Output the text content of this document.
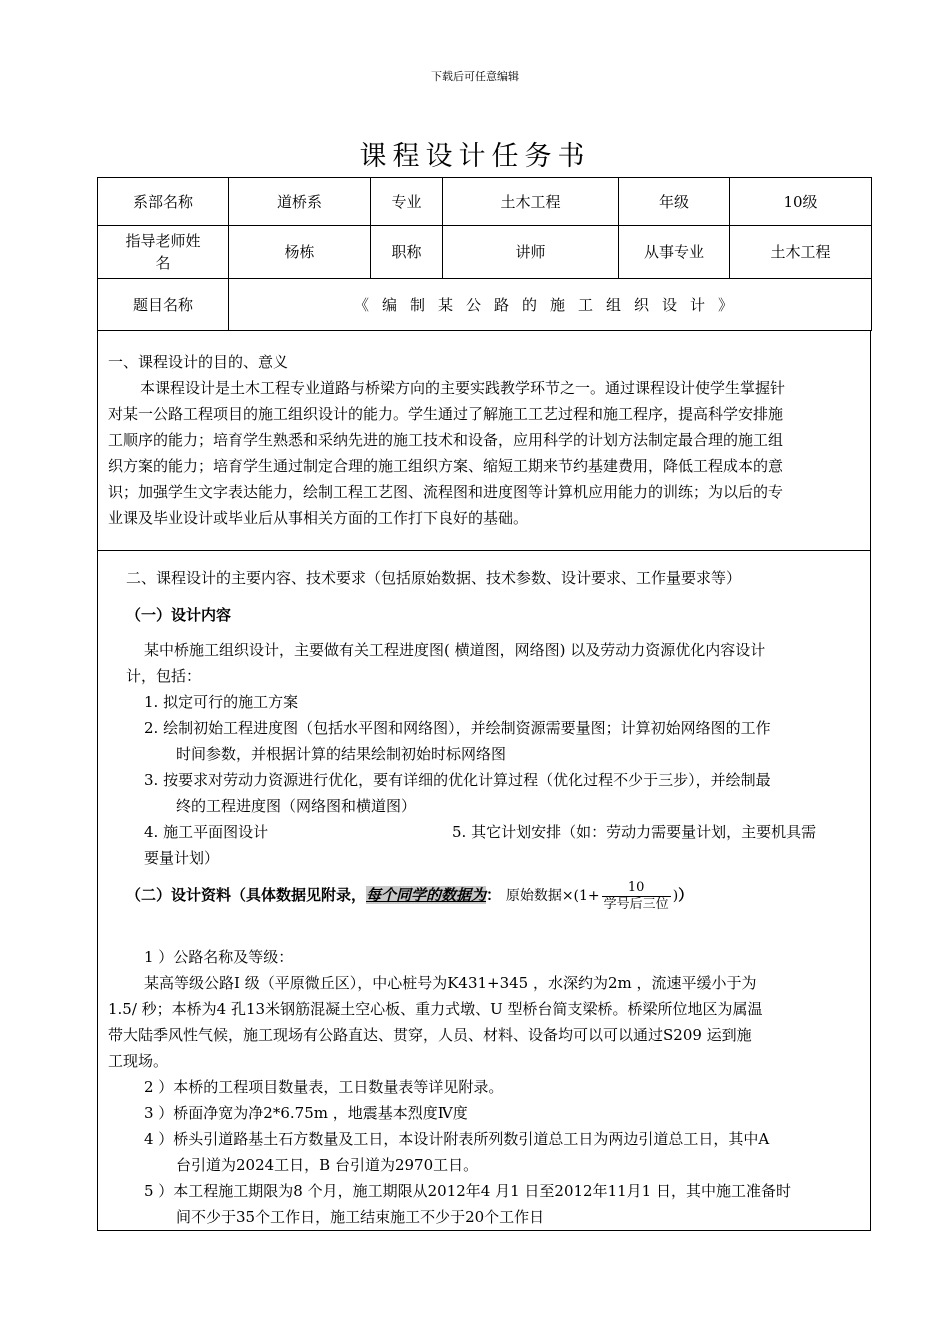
下载后可任意编辑
课程设计任务书
系部名称	道桥系	专业	土木工程	年级	10级

指导老师姓
名	杨栋	职称	讲师	从事专业	土木工程
题目名称	《编制某公路的施工组织设计》				
一、课程设计的目的、意义
本课程设计是土木工程专业道路与桥梁方向的主要实践教学环节之一。通过课程设计使学生掌握针
对某一公路工程项目的施工组织设计的能力。学生通过了解施工工艺过程和施工程序，提高科学安排施
工顺序的能力；培育学生熟悉和采纳先进的施工技术和设备，应用科学的计划方法制定最合理的施工组
织方案的能力；培育学生通过制定合理的施工组织方案、缩短工期来节约基建费用，降低工程成本的意
识；加强学生文字表达能力，绘制工程工艺图、流程图和进度图等计算机应用能力的训练；为以后的专
业课及毕业设计或毕业后从事相关方面的工作打下良好的基础。
二、课程设计的主要内容、技术要求（包括原始数据、技术参数、设计要求、工作量要求等）
（一）设计内容
某中桥施工组织设计，主要做有关工程进度图( 横道图，网络图) 以及劳动力资源优化内容设计
计，包括：
1. 拟定可行的施工方案
2. 绘制初始工程进度图（包括水平图和网络图），并绘制资源需要量图；计算初始网络图的工作
时间参数，并根据计算的结果绘制初始时标网络图
3. 按要求对劳动力资源进行优化，要有详细的优化计算过程（优化过程不少于三步），并绘制最
终的工程进度图（网络图和横道图）
4. 施工平面图设计	5. 其它计划安排（如：劳动力需要量计划，主要机具需
要量计划）
（二）设计资料（具体数据见附录，每个同学的数据为： 原始数据$\times(1+ \frac{10}{\text{学号后三位}}$ )）
1 ）公路名称及等级：
某高等级公路Ⅰ 级（平原微丘区），中心桩号为K431+345 ，水深约为2m ，流速平缓小于为
1.5/ 秒；本桥为4 孔13米钢筋混凝土空心板、重力式墩、U 型桥台简支梁桥。桥梁所位地区为属温
带大陆季风性气候，施工现场有公路直达、贯穿，人员、材料、设备均可以可以通过S209 运到施
工现场。
2 ）本桥的工程项目数量表，工日数量表等详见附录。
3 ）桥面净宽为净2*6.75m ，地震基本烈度Ⅳ度
4 ）桥头引道路基土石方数量及工日，本设计附表所列数引道总工日为两边引道总工日，其中A
台引道为2024工日，B 台引道为2970工日。
5 ）本工程施工期限为8 个月，施工期限从2012年4 月1 日至2012年11月1 日，其中施工准备时
间不少于35个工作日，施工结束施工不少于20个工作日
